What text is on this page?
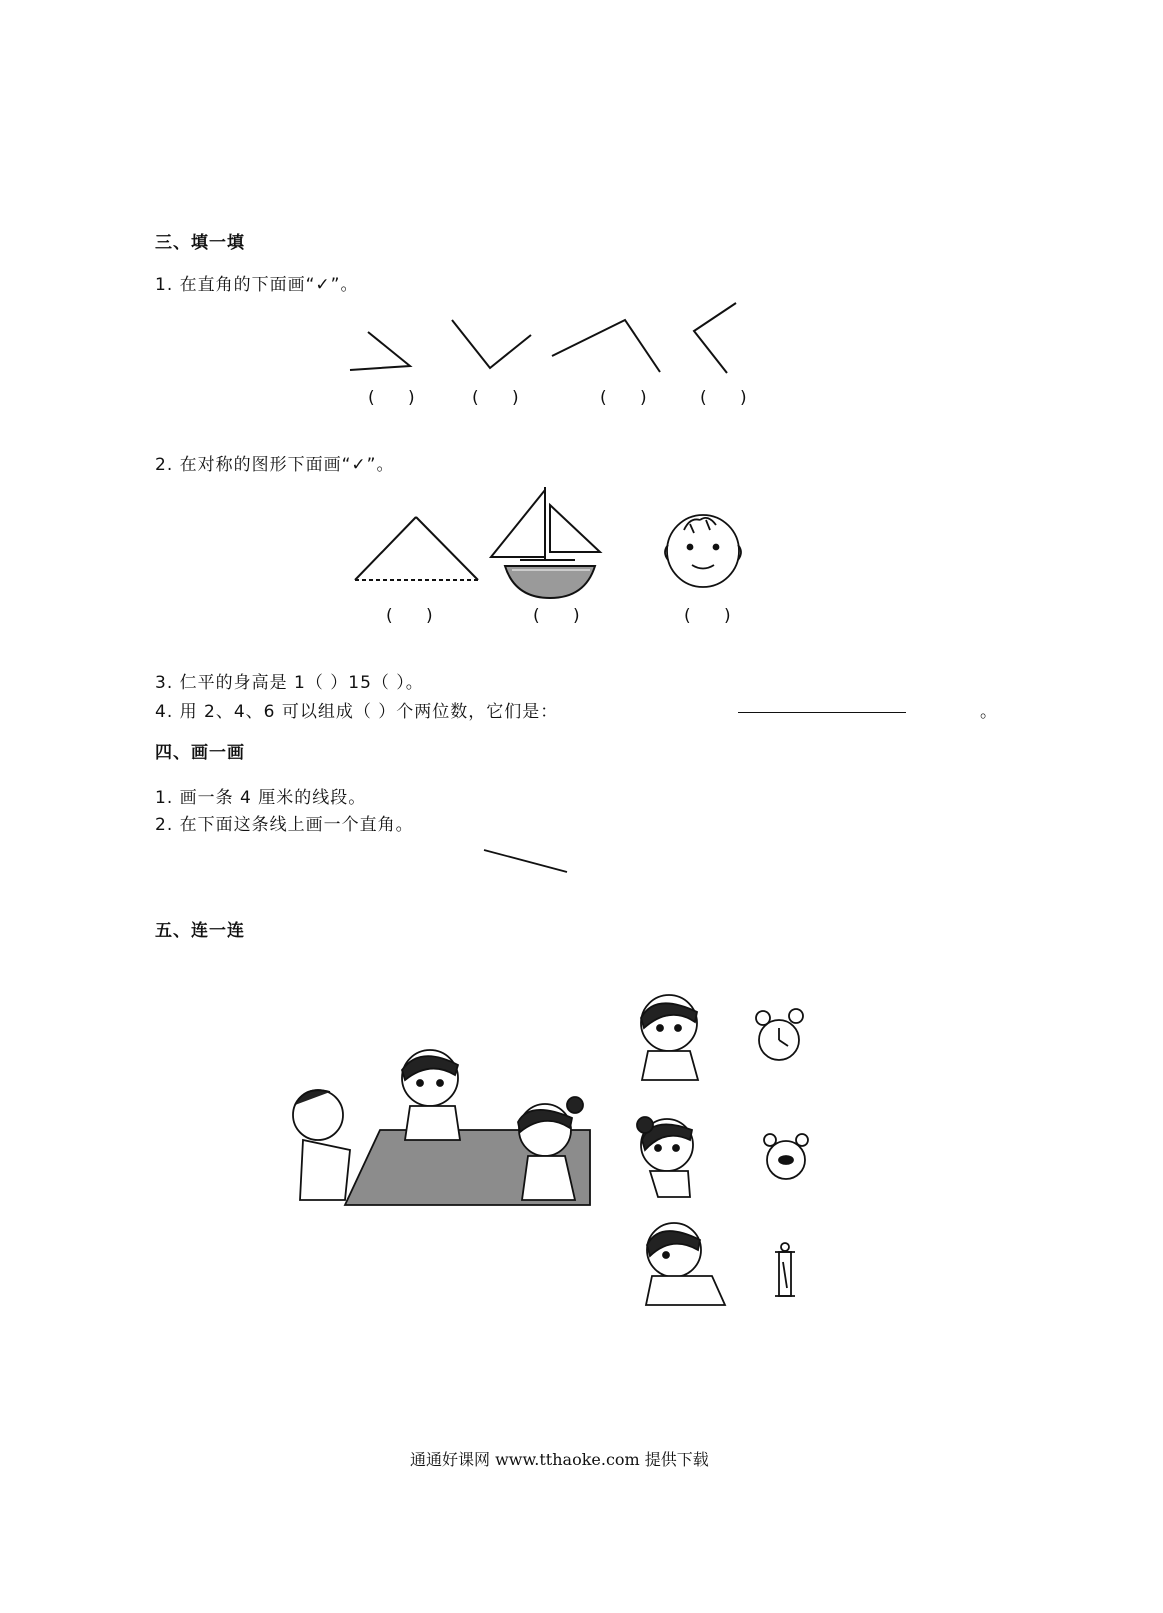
三、填一填
1. 在直角的下面画“✓”。
( )	( )	( ) ( )
2. 在对称的图形下面画“✓”。
( )	( )	( )
3. 仁平的身高是 1（ ）15（ ）。
4. 用 2、4、6 可以组成（ ）个两位数，它们是：	。
四、画一画
1. 画一条 4 厘米的线段。
2. 在下面这条线上画一个直角。
五、连一连
通通好课网 www.tthaoke.com 提供下载
